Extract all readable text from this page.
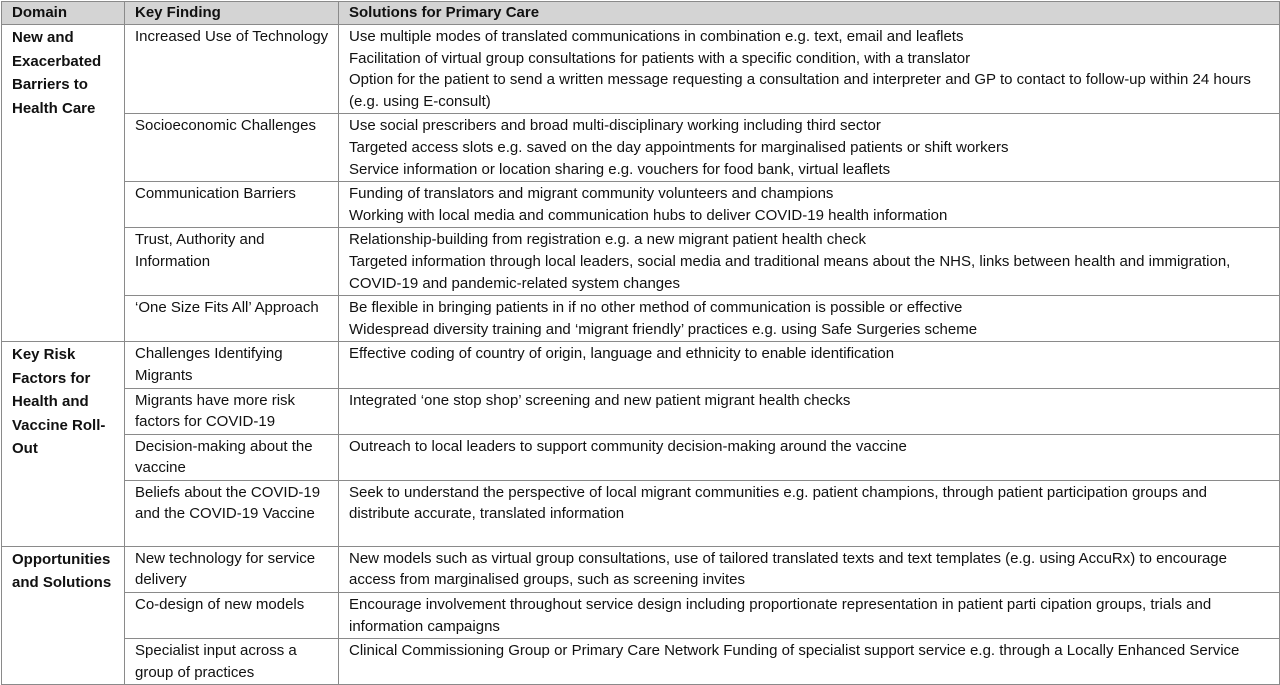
Domain	Key Finding	Solutions for Primary Care
New and Exacerbated Barriers to Health Care	Increased Use of Technology	Use multiple modes of translated communications in combination e.g. text, email and leaflets
Facilitation of virtual group consultations for patients with a specific condition, with a translator
Option for the patient to send a written message requesting a consultation and interpreter and GP to contact to follow-up within 24 hours (e.g. using E-consult)

	Socioeconomic Challenges	Use social prescribers and broad multi-disciplinary working including third sector
Targeted access slots e.g. saved on the day appointments for marginalised patients or shift workers
Service information or location sharing e.g. vouchers for food bank, virtual leaflets

	Communication Barriers	Funding of translators and migrant community volunteers and champions
Working with local media and communication hubs to deliver COVID-19 health information

	Trust, Authority and Information	Relationship-building from registration e.g. a new migrant patient health check
Targeted information through local leaders, social media and traditional means about the NHS, links between health and immigration, COVID-19 and pandemic-related system changes

	‘One Size Fits All’ Approach	Be flexible in bringing patients in if no other method of communication is possible or effective
Widespread diversity training and ‘migrant friendly’ practices e.g. using Safe Surgeries scheme

Key Risk Factors for Health and Vaccine Roll-Out	Challenges Identifying Migrants	Effective coding of country of origin, language and ethnicity to enable identification

	Migrants have more risk factors for COVID-19	Integrated ‘one stop shop’ screening and new patient migrant health checks

	Decision-making about the vaccine	Outreach to local leaders to support community decision-making around the vaccine

	Beliefs about the COVID-19 and the COVID-19 Vaccine	Seek to understand the perspective of local migrant communities e.g. patient champions, through patient participation groups and distribute accurate, translated information

Opportunities and Solutions	New technology for service delivery	New models such as virtual group consultations, use of tailored translated texts and text templates (e.g. using AccuRx) to encourage access from marginalised groups, such as screening invites

	Co-design of new models	Encourage involvement throughout service design including proportionate representation in patient parti cipation groups, trials and information campaigns

	Specialist input across a group of practices	Clinical Commissioning Group or Primary Care Network Funding of specialist support service e.g. through a Locally Enhanced Service
